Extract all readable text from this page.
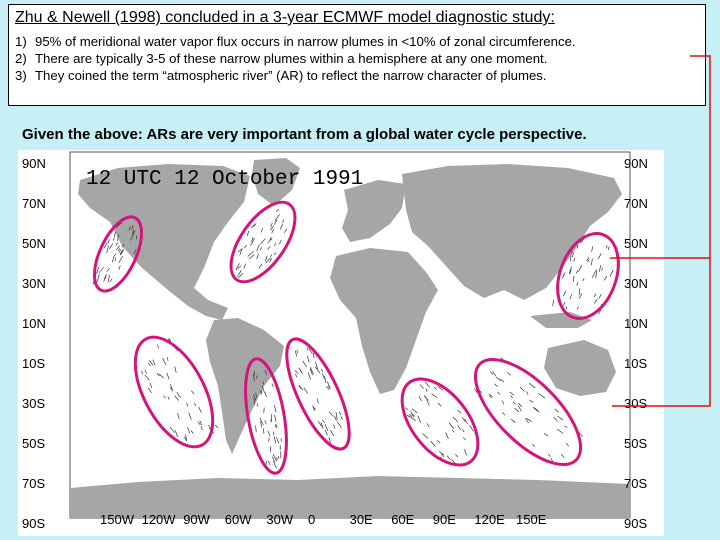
Zhu & Newell (1998) concluded in a 3-year ECMWF model diagnostic study:
1) 95% of meridional water vapor flux occurs in narrow plumes in <10% of zonal circumference.
2) There are typically 3-5 of these narrow plumes within a hemisphere at any one moment.
3) They coined the term “atmospheric river” (AR) to reflect the narrow character of plumes.
Given the above: ARs are very important from a global water cycle perspective.
12 UTC 12 October 1991
90N
70N
50N
30N
10N
10S
30S
50S
70S
90S
90N
70N
50N
30N
10N
10S
30S
50S
70S
90S
150W 120W 90W 60W 30W 0	30E 60E 90E 120E 150E
